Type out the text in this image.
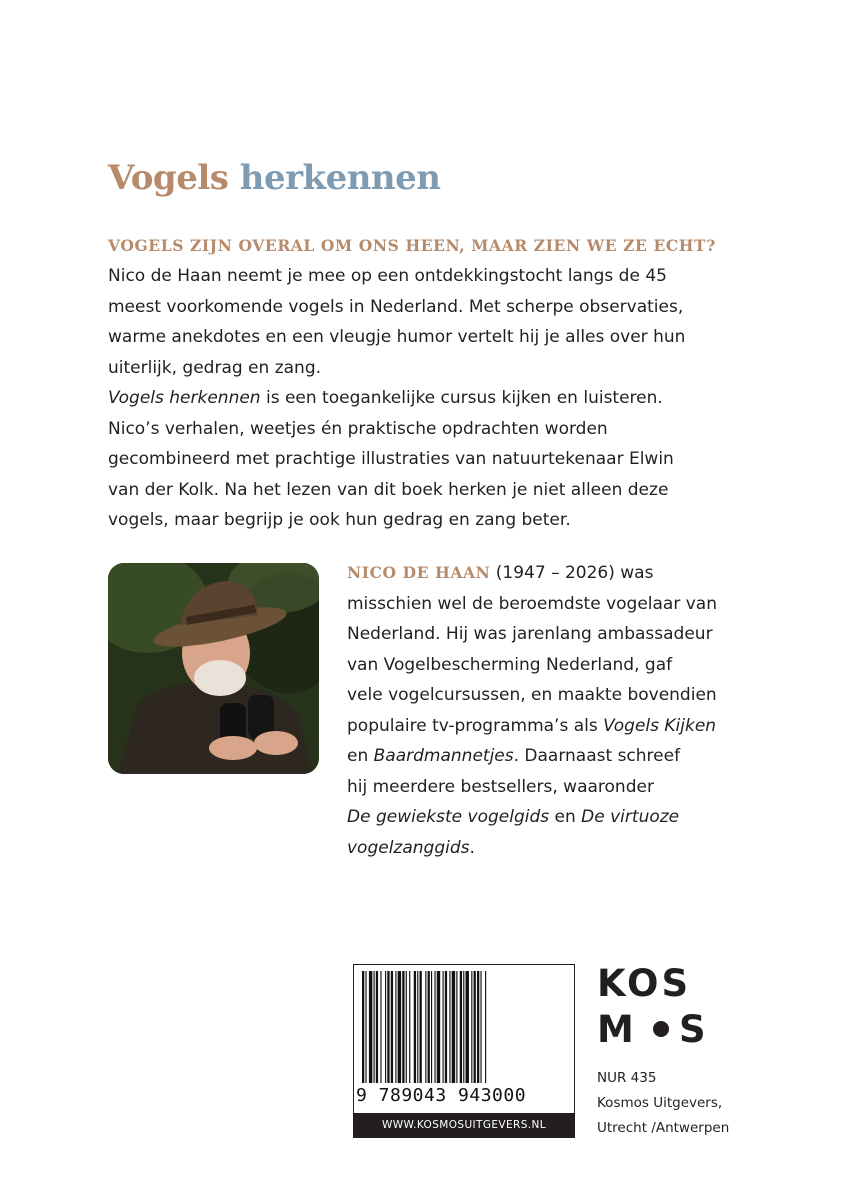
Vogels herkennen
VOGELS ZIJN OVERAL OM ONS HEEN, MAAR ZIEN WE ZE ECHT?

Nico de Haan neemt je mee op een ontdekkingstocht langs de 45
meest voorkomende vogels in Nederland. Met scherpe observaties,
warme anekdotes en een vleugje humor vertelt hij je alles over hun
uiterlijk, gedrag en zang.

Vogels herkennen is een toegankelijke cursus kijken en luisteren.
Nico’s verhalen, weetjes én praktische opdrachten worden
gecombineerd met prachtige illustraties van natuurtekenaar Elwin
van der Kolk. Na het lezen van dit boek herken je niet alleen deze
vogels, maar begrijp je ook hun gedrag en zang beter.

NICO DE HAAN (1947 – 2026) was
misschien wel de beroemdste vogelaar van
Nederland. Hij was jarenlang ambassadeur
van Vogelbescherming Nederland, gaf
vele vogelcursussen, en maakte bovendien
populaire tv-programma’s als Vogels Kijken
en Baardmannetjes. Daarnaast schreef
hij meerdere bestsellers, waaronder
De gewiekste vogelgids en De virtuoze
vogelzanggids.
9 789043 943000
WWW.KOSMOSUITGEVERS.NL
KOS
M S
NUR 435
Kosmos Uitgevers,
Utrecht /Antwerpen
